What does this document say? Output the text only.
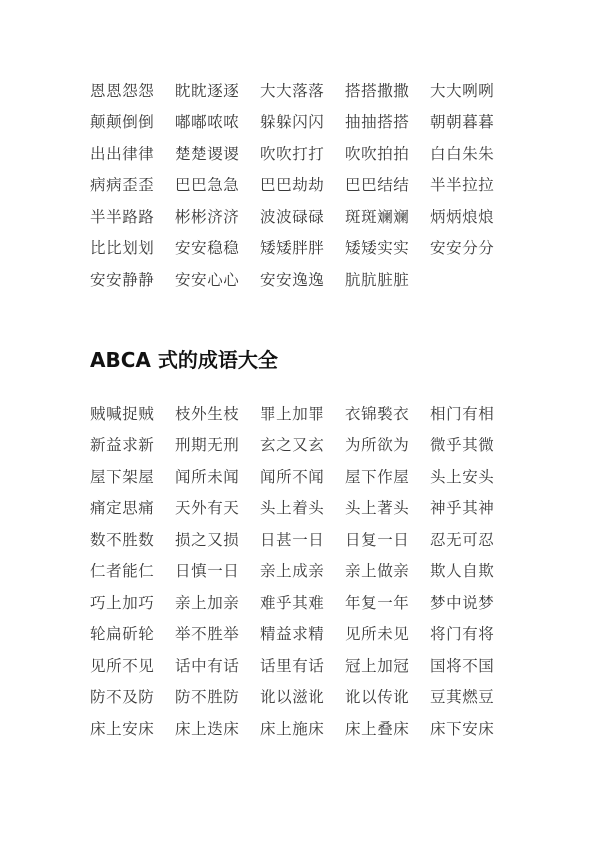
恩恩怨怨	眈眈逐逐	大大落落	搭搭撒撒	大大咧咧
颠颠倒倒	嘟嘟哝哝	躲躲闪闪	抽抽搭搭	朝朝暮暮
出出律律	楚楚谡谡	吹吹打打	吹吹拍拍	白白朱朱
病病歪歪	巴巴急急	巴巴劫劫	巴巴结结	半半拉拉
半半路路	彬彬济济	波波碌碌	斑斑斓斓	炳炳烺烺
比比划划	安安稳稳	矮矮胖胖	矮矮实实	安安分分
安安静静	安安心心	安安逸逸	肮肮脏脏
ABCA 式的成语大全
贼喊捉贼	枝外生枝	罪上加罪	衣锦褧衣	相门有相
新益求新	刑期无刑	玄之又玄	为所欲为	微乎其微
屋下架屋	闻所未闻	闻所不闻	屋下作屋	头上安头
痛定思痛	天外有天	头上着头	头上著头	神乎其神
数不胜数	损之又损	日甚一日	日复一日	忍无可忍
仁者能仁	日慎一日	亲上成亲	亲上做亲	欺人自欺
巧上加巧	亲上加亲	难乎其难	年复一年	梦中说梦
轮扁斫轮	举不胜举	精益求精	见所未见	将门有将
见所不见	话中有话	话里有话	冠上加冠	国将不国
防不及防	防不胜防	讹以滋讹	讹以传讹	豆萁燃豆
床上安床	床上迭床	床上施床	床上叠床	床下安床
